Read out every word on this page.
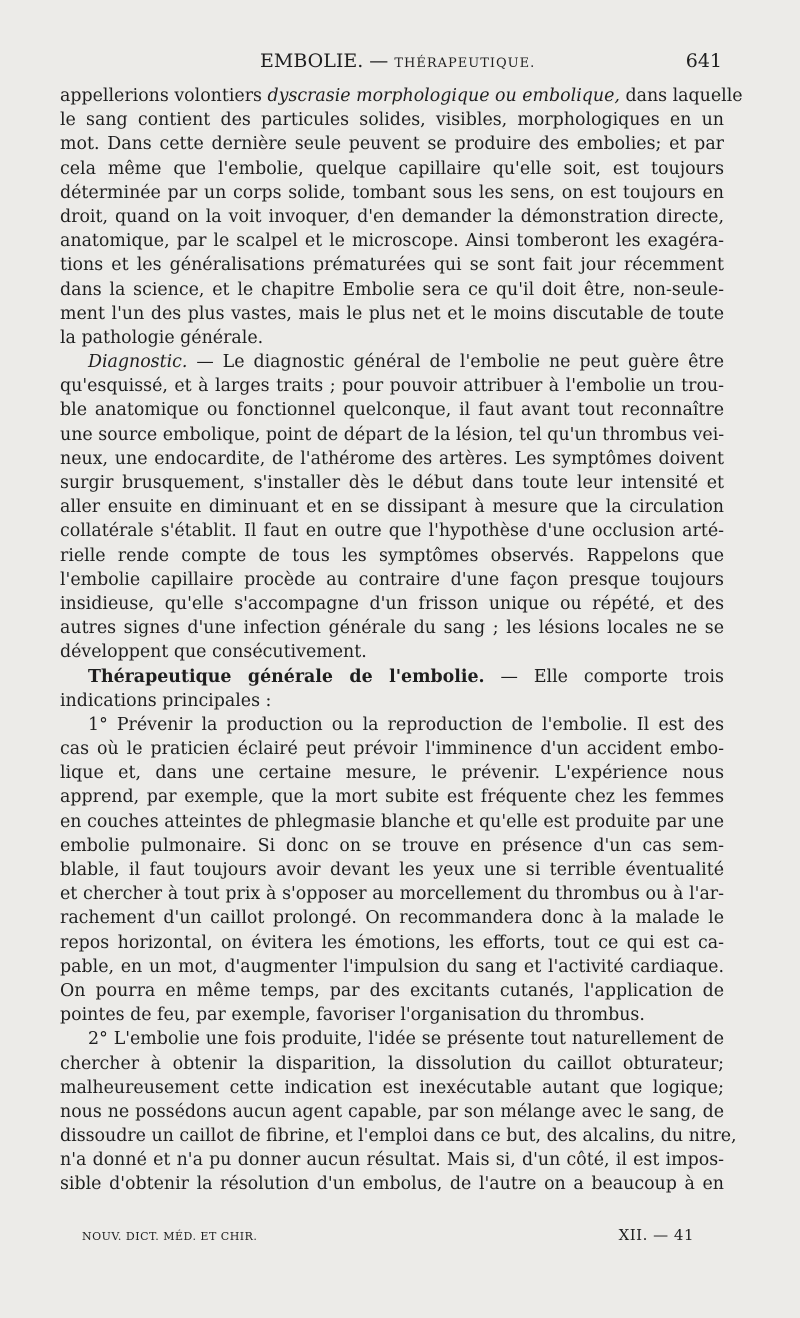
EMBOLIE. — THÉRAPEUTIQUE.	641
appellerions volontiers dyscrasie morphologique ou embolique, dans laquelle
le sang contient des particules solides, visibles, morphologiques en un
mot. Dans cette dernière seule peuvent se produire des embolies; et par
cela même que l'embolie, quelque capillaire qu'elle soit, est toujours
déterminée par un corps solide, tombant sous les sens, on est toujours en
droit, quand on la voit invoquer, d'en demander la démonstration directe,
anatomique, par le scalpel et le microscope. Ainsi tomberont les exagéra-
tions et les généralisations prématurées qui se sont fait jour récemment
dans la science, et le chapitre Embolie sera ce qu'il doit être, non-seule-
ment l'un des plus vastes, mais le plus net et le moins discutable de toute
la pathologie générale.
Diagnostic. — Le diagnostic général de l'embolie ne peut guère être
qu'esquissé, et à larges traits ; pour pouvoir attribuer à l'embolie un trou-
ble anatomique ou fonctionnel quelconque, il faut avant tout reconnaître
une source embolique, point de départ de la lésion, tel qu'un thrombus vei-
neux, une endocardite, de l'athérome des artères. Les symptômes doivent
surgir brusquement, s'installer dès le début dans toute leur intensité et
aller ensuite en diminuant et en se dissipant à mesure que la circulation
collatérale s'établit. Il faut en outre que l'hypothèse d'une occlusion arté-
rielle rende compte de tous les symptômes observés. Rappelons que
l'embolie capillaire procède au contraire d'une façon presque toujours
insidieuse, qu'elle s'accompagne d'un frisson unique ou répété, et des
autres signes d'une infection générale du sang ; les lésions locales ne se
développent que consécutivement.
Thérapeutique générale de l'embolie. — Elle comporte trois
indications principales :
1° Prévenir la production ou la reproduction de l'embolie. Il est des
cas où le praticien éclairé peut prévoir l'imminence d'un accident embo-
lique et, dans une certaine mesure, le prévenir. L'expérience nous
apprend, par exemple, que la mort subite est fréquente chez les femmes
en couches atteintes de phlegmasie blanche et qu'elle est produite par une
embolie pulmonaire. Si donc on se trouve en présence d'un cas sem-
blable, il faut toujours avoir devant les yeux une si terrible éventualité
et chercher à tout prix à s'opposer au morcellement du thrombus ou à l'ar-
rachement d'un caillot prolongé. On recommandera donc à la malade le
repos horizontal, on évitera les émotions, les efforts, tout ce qui est ca-
pable, en un mot, d'augmenter l'impulsion du sang et l'activité cardiaque.
On pourra en même temps, par des excitants cutanés, l'application de
pointes de feu, par exemple, favoriser l'organisation du thrombus.
2° L'embolie une fois produite, l'idée se présente tout naturellement de
chercher à obtenir la disparition, la dissolution du caillot obturateur;
malheureusement cette indication est inexécutable autant que logique;
nous ne possédons aucun agent capable, par son mélange avec le sang, de
dissoudre un caillot de fibrine, et l'emploi dans ce but, des alcalins, du nitre,
n'a donné et n'a pu donner aucun résultat. Mais si, d'un côté, il est impos-
sible d'obtenir la résolution d'un embolus, de l'autre on a beaucoup à en
NOUV. DICT. MÉD. ET CHIR.	XII. — 41
